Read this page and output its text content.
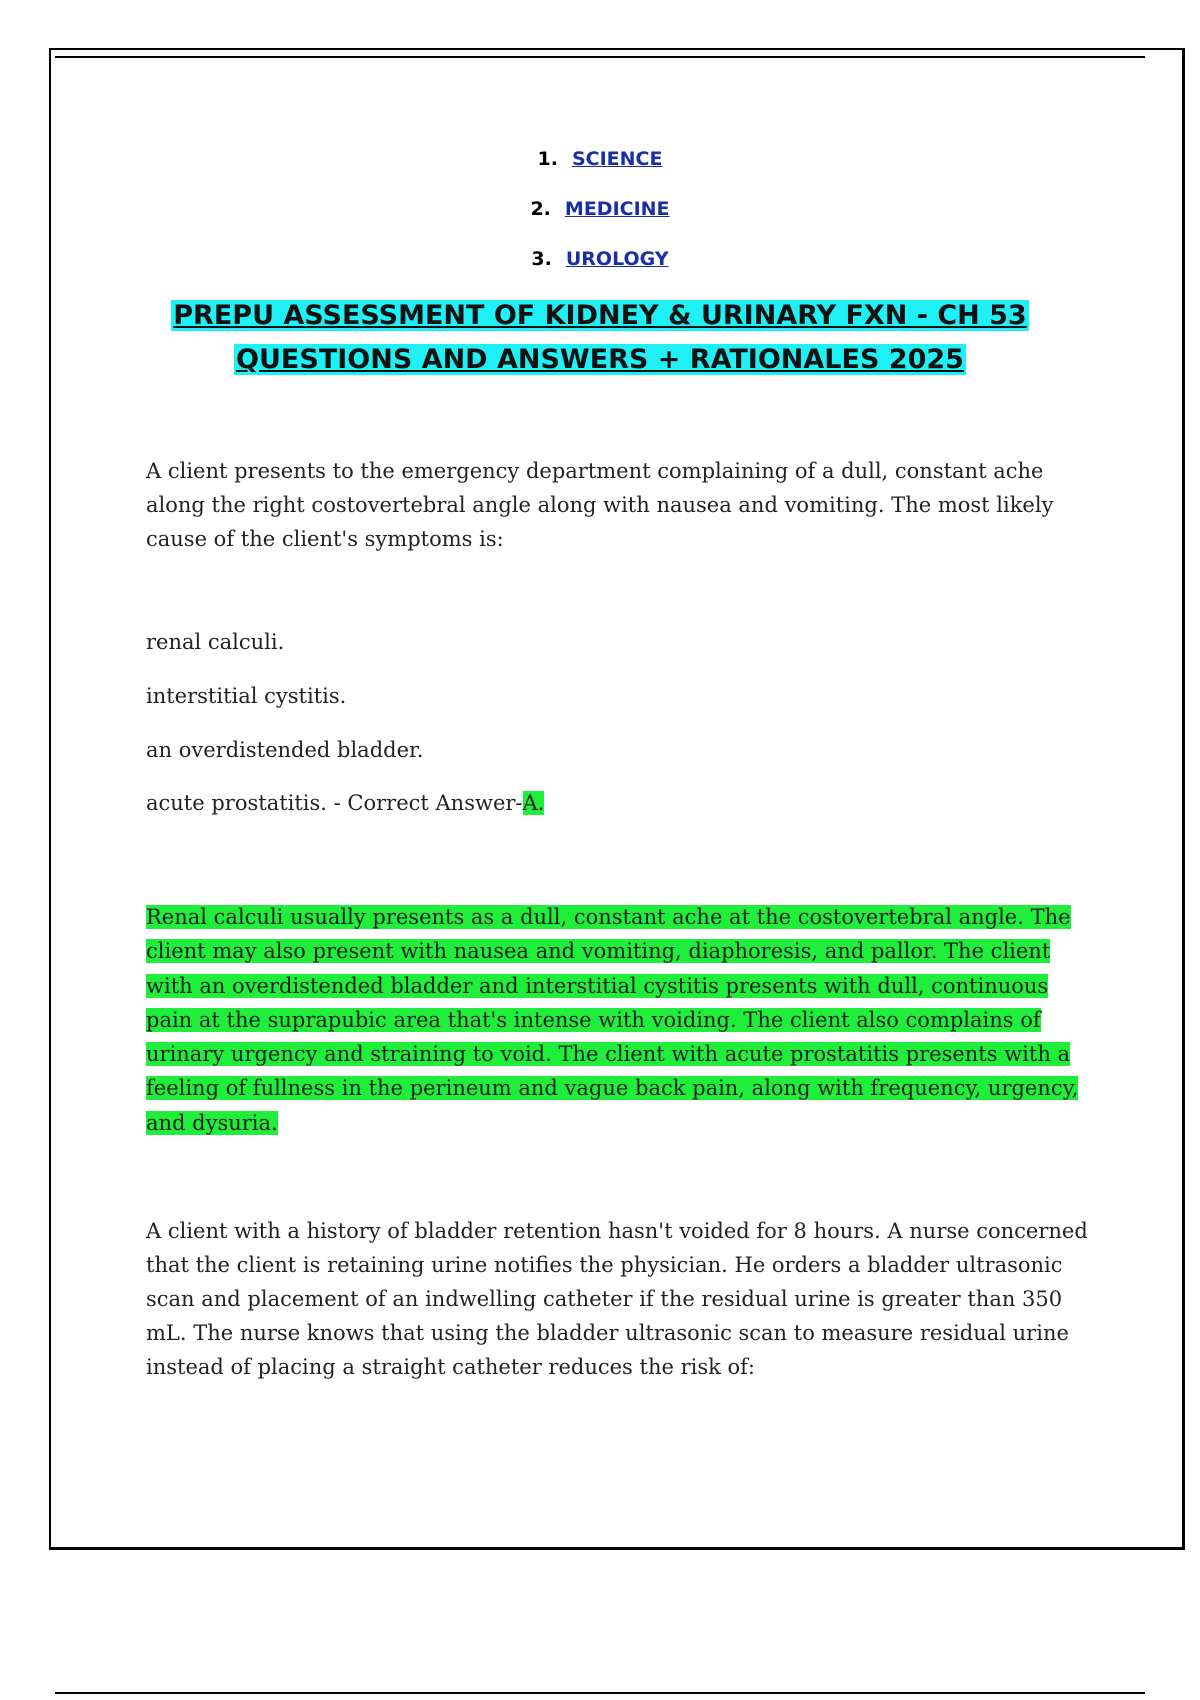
1. SCIENCE
2. MEDICINE
3. UROLOGY
PREPU ASSESSMENT OF KIDNEY & URINARY FXN - CH 53
QUESTIONS AND ANSWERS + RATIONALES 2025
A client presents to the emergency department complaining of a dull, constant ache along the right costovertebral angle along with nausea and vomiting. The most likely cause of the client's symptoms is:
renal calculi.
interstitial cystitis.
an overdistended bladder.
acute prostatitis. - Correct Answer-A.
Renal calculi usually presents as a dull, constant ache at the costovertebral angle. The client may also present with nausea and vomiting, diaphoresis, and pallor. The client with an overdistended bladder and interstitial cystitis presents with dull, continuous pain at the suprapubic area that's intense with voiding. The client also complains of urinary urgency and straining to void. The client with acute prostatitis presents with a feeling of fullness in the perineum and vague back pain, along with frequency, urgency, and dysuria.
A client with a history of bladder retention hasn't voided for 8 hours. A nurse concerned that the client is retaining urine notifies the physician. He orders a bladder ultrasonic scan and placement of an indwelling catheter if the residual urine is greater than 350 mL. The nurse knows that using the bladder ultrasonic scan to measure residual urine instead of placing a straight catheter reduces the risk of:
